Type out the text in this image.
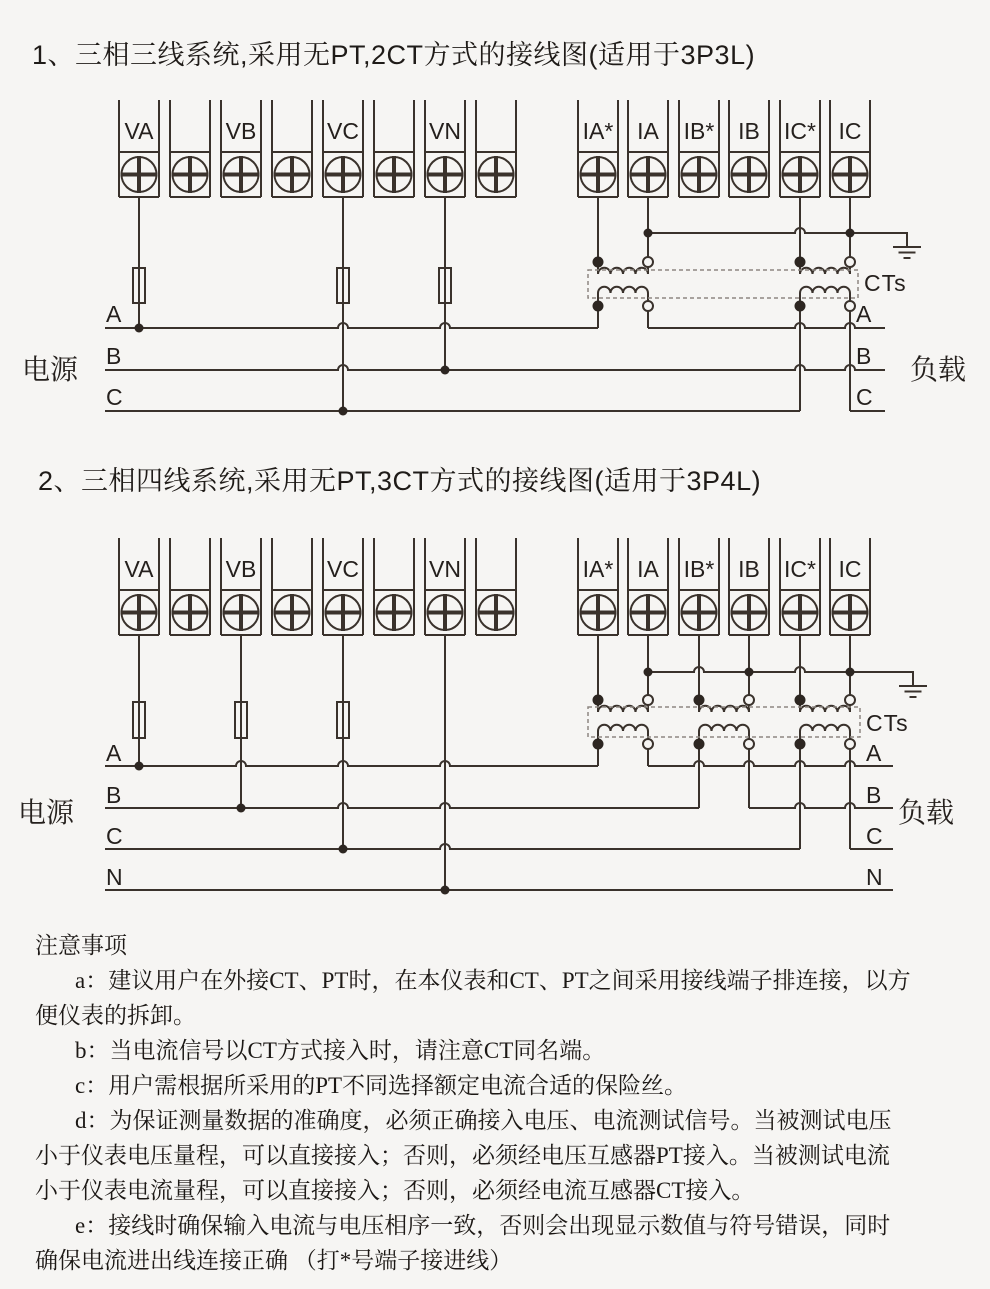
1、三相三线系统,采用无PT,2CT方式的接线图(适用于3P3L)
VA	VB	VC	VN	IA* IA IB* IB IC* IC
A
B
C
A
B
C
电源	负载
CTs
2、三相四线系统,采用无PT,3CT方式的接线图(适用于3P4L)
VA	VB	VC	VN	IA* IA IB* IB IC* IC
A
B
C
N
A
B
C
N
电源	负载
CTs
注意事项
a：建议用户在外接CT、PT时，在本仪表和CT、PT之间采用接线端子排连接，以方
便仪表的拆卸。
b：当电流信号以CT方式接入时，请注意CT同名端。
c：用户需根据所采用的PT不同选择额定电流合适的保险丝。
d：为保证测量数据的准确度，必须正确接入电压、电流测试信号。当被测试电压
小于仪表电压量程，可以直接接入；否则，必须经电压互感器PT接入。当被测试电流
小于仪表电流量程，可以直接接入；否则，必须经电流互感器CT接入。
e：接线时确保输入电流与电压相序一致，否则会出现显示数值与符号错误，同时
确保电流进出线连接正确 （打*号端子接进线）
